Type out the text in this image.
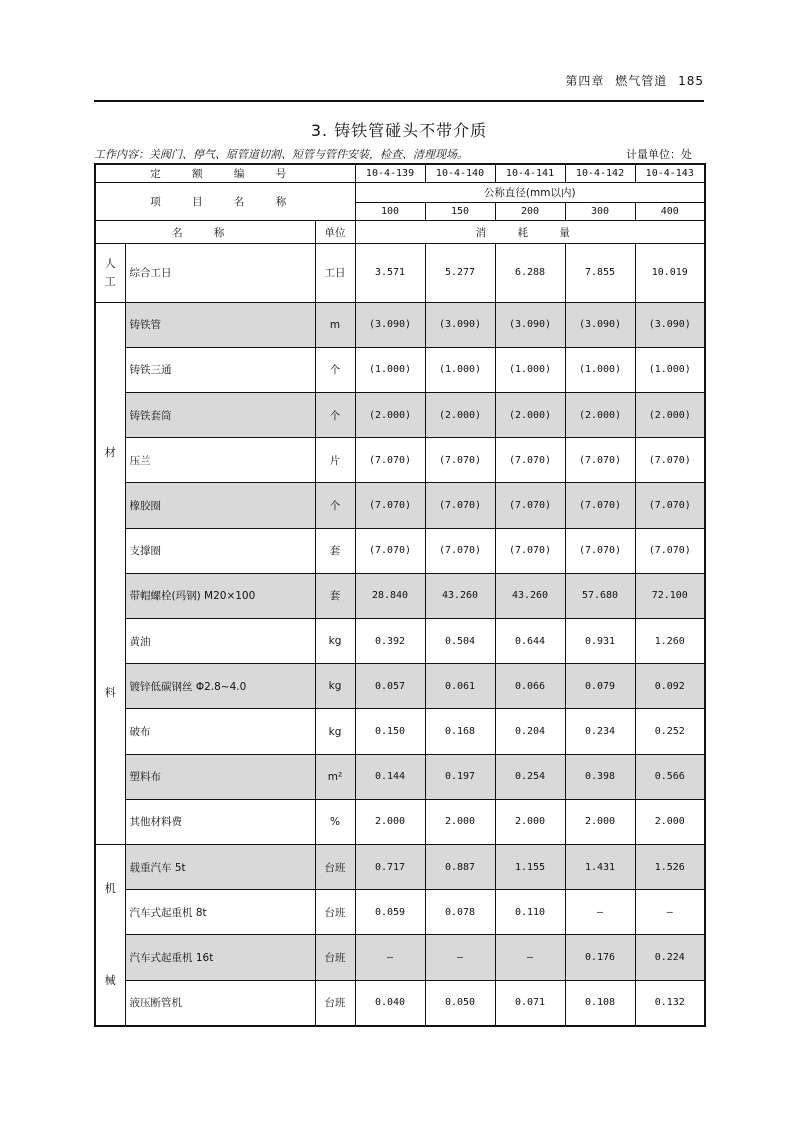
第四章 燃气管道 185
3. 铸铁管碰头不带介质
工作内容：关阀门、停气、原管道切割、短管与管件安装，检查、清理现场。	计量单位：处
定 额 编 号			10-4-139	10-4-140	10-4-141	10-4-142	10-4-143
项 目 名 称			公称直径(mm以内)				
			100	150	200	300	400
名 称		单位	消 耗 量				

人
工	综合工日	工日	3.571	5.277	6.288	7.855	10.019

材
料	铸铁管	m	(3.090)	(3.090)	(3.090)	(3.090)	(3.090)
	铸铁三通	个	(1.000)	(1.000)	(1.000)	(1.000)	(1.000)
	铸铁套筒	个	(2.000)	(2.000)	(2.000)	(2.000)	(2.000)
	压兰	片	(7.070)	(7.070)	(7.070)	(7.070)	(7.070)
	橡胶圈	个	(7.070)	(7.070)	(7.070)	(7.070)	(7.070)
	支撑圈	套	(7.070)	(7.070)	(7.070)	(7.070)	(7.070)
	带帽螺栓(玛钢) M20×100	套	28.840	43.260	43.260	57.680	72.100
	黄油	kg	0.392	0.504	0.644	0.931	1.260
	镀锌低碳钢丝 Φ2.8~4.0	kg	0.057	0.061	0.066	0.079	0.092
	破布	kg	0.150	0.168	0.204	0.234	0.252
	塑料布	m²	0.144	0.197	0.254	0.398	0.566
	其他材料费	%	2.000	2.000	2.000	2.000	2.000

机
械	载重汽车 5t	台班	0.717	0.887	1.155	1.431	1.526
	汽车式起重机 8t	台班	0.059	0.078	0.110	—	—
	汽车式起重机 16t	台班	—	—	—	0.176	0.224
	液压断管机	台班	0.040	0.050	0.071	0.108	0.132
